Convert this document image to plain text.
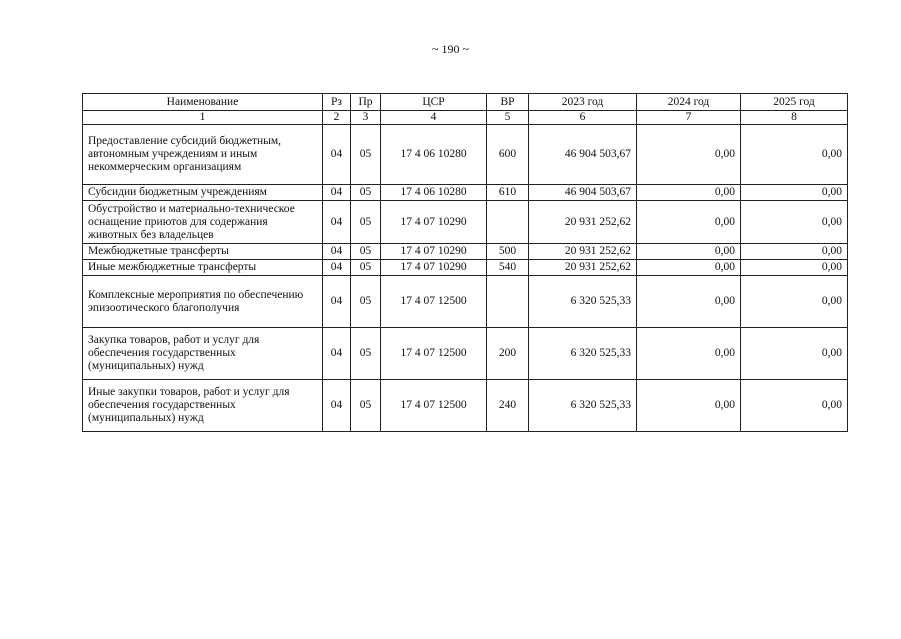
~ 190 ~
Наименование	Рз	Пр	ЦСР	ВР	2023 год	2024 год	2025 год
1	2	3	4	5	6	7	8
Предоставление субсидий бюджетным, автономным учреждениям и иным некоммерческим организациям	04	05	17 4 06 10280	600	46 904 503,67	0,00	0,00
Субсидии бюджетным учреждениям	04	05	17 4 06 10280	610	46 904 503,67	0,00	0,00
Обустройство и материально-техническое оснащение приютов для содержания животных без владельцев	04	05	17 4 07 10290		20 931 252,62	0,00	0,00
Межбюджетные трансферты	04	05	17 4 07 10290	500	20 931 252,62	0,00	0,00
Иные межбюджетные трансферты	04	05	17 4 07 10290	540	20 931 252,62	0,00	0,00
Комплексные мероприятия по обеспечению эпизоотического благополучия	04	05	17 4 07 12500		6 320 525,33	0,00	0,00
Закупка товаров, работ и услуг для обеспечения государственных (муниципальных) нужд	04	05	17 4 07 12500	200	6 320 525,33	0,00	0,00
Иные закупки товаров, работ и услуг для обеспечения государственных (муниципальных) нужд	04	05	17 4 07 12500	240	6 320 525,33	0,00	0,00
